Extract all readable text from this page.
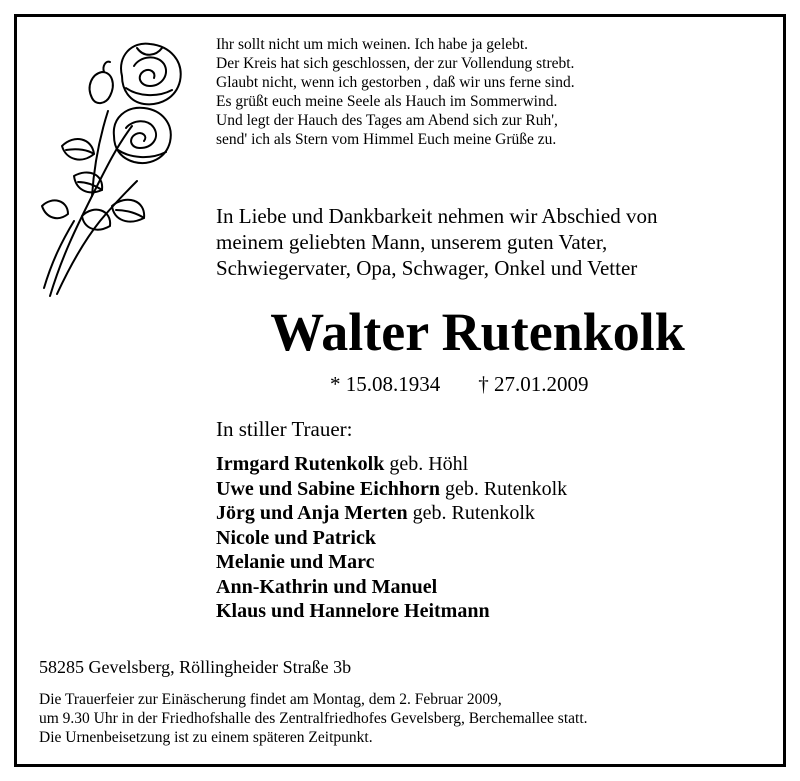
Ihr sollt nicht um mich weinen. Ich habe ja gelebt.
Der Kreis hat sich geschlossen, der zur Vollendung strebt.
Glaubt nicht, wenn ich gestorben , daß wir uns ferne sind.
Es grüßt euch meine Seele als Hauch im Sommerwind.
Und legt der Hauch des Tages am Abend sich zur Ruh',
send' ich als Stern vom Himmel Euch meine Grüße zu.
In Liebe und Dankbarkeit nehmen wir Abschied von
meinem geliebten Mann, unserem guten Vater,
Schwiegervater, Opa, Schwager, Onkel und Vetter
Walter Rutenkolk
* 15.08.1934 † 27.01.2009
In stiller Trauer:
Irmgard Rutenkolk geb. Höhl
Uwe und Sabine Eichhorn geb. Rutenkolk
Jörg und Anja Merten geb. Rutenkolk
Nicole und Patrick
Melanie und Marc
Ann-Kathrin und Manuel
Klaus und Hannelore Heitmann
58285 Gevelsberg, Röllingheider Straße 3b
Die Trauerfeier zur Einäscherung findet am Montag, dem 2. Februar 2009,
um 9.30 Uhr in der Friedhofshalle des Zentralfriedhofes Gevelsberg, Berchemallee statt.
Die Urnenbeisetzung ist zu einem späteren Zeitpunkt.
